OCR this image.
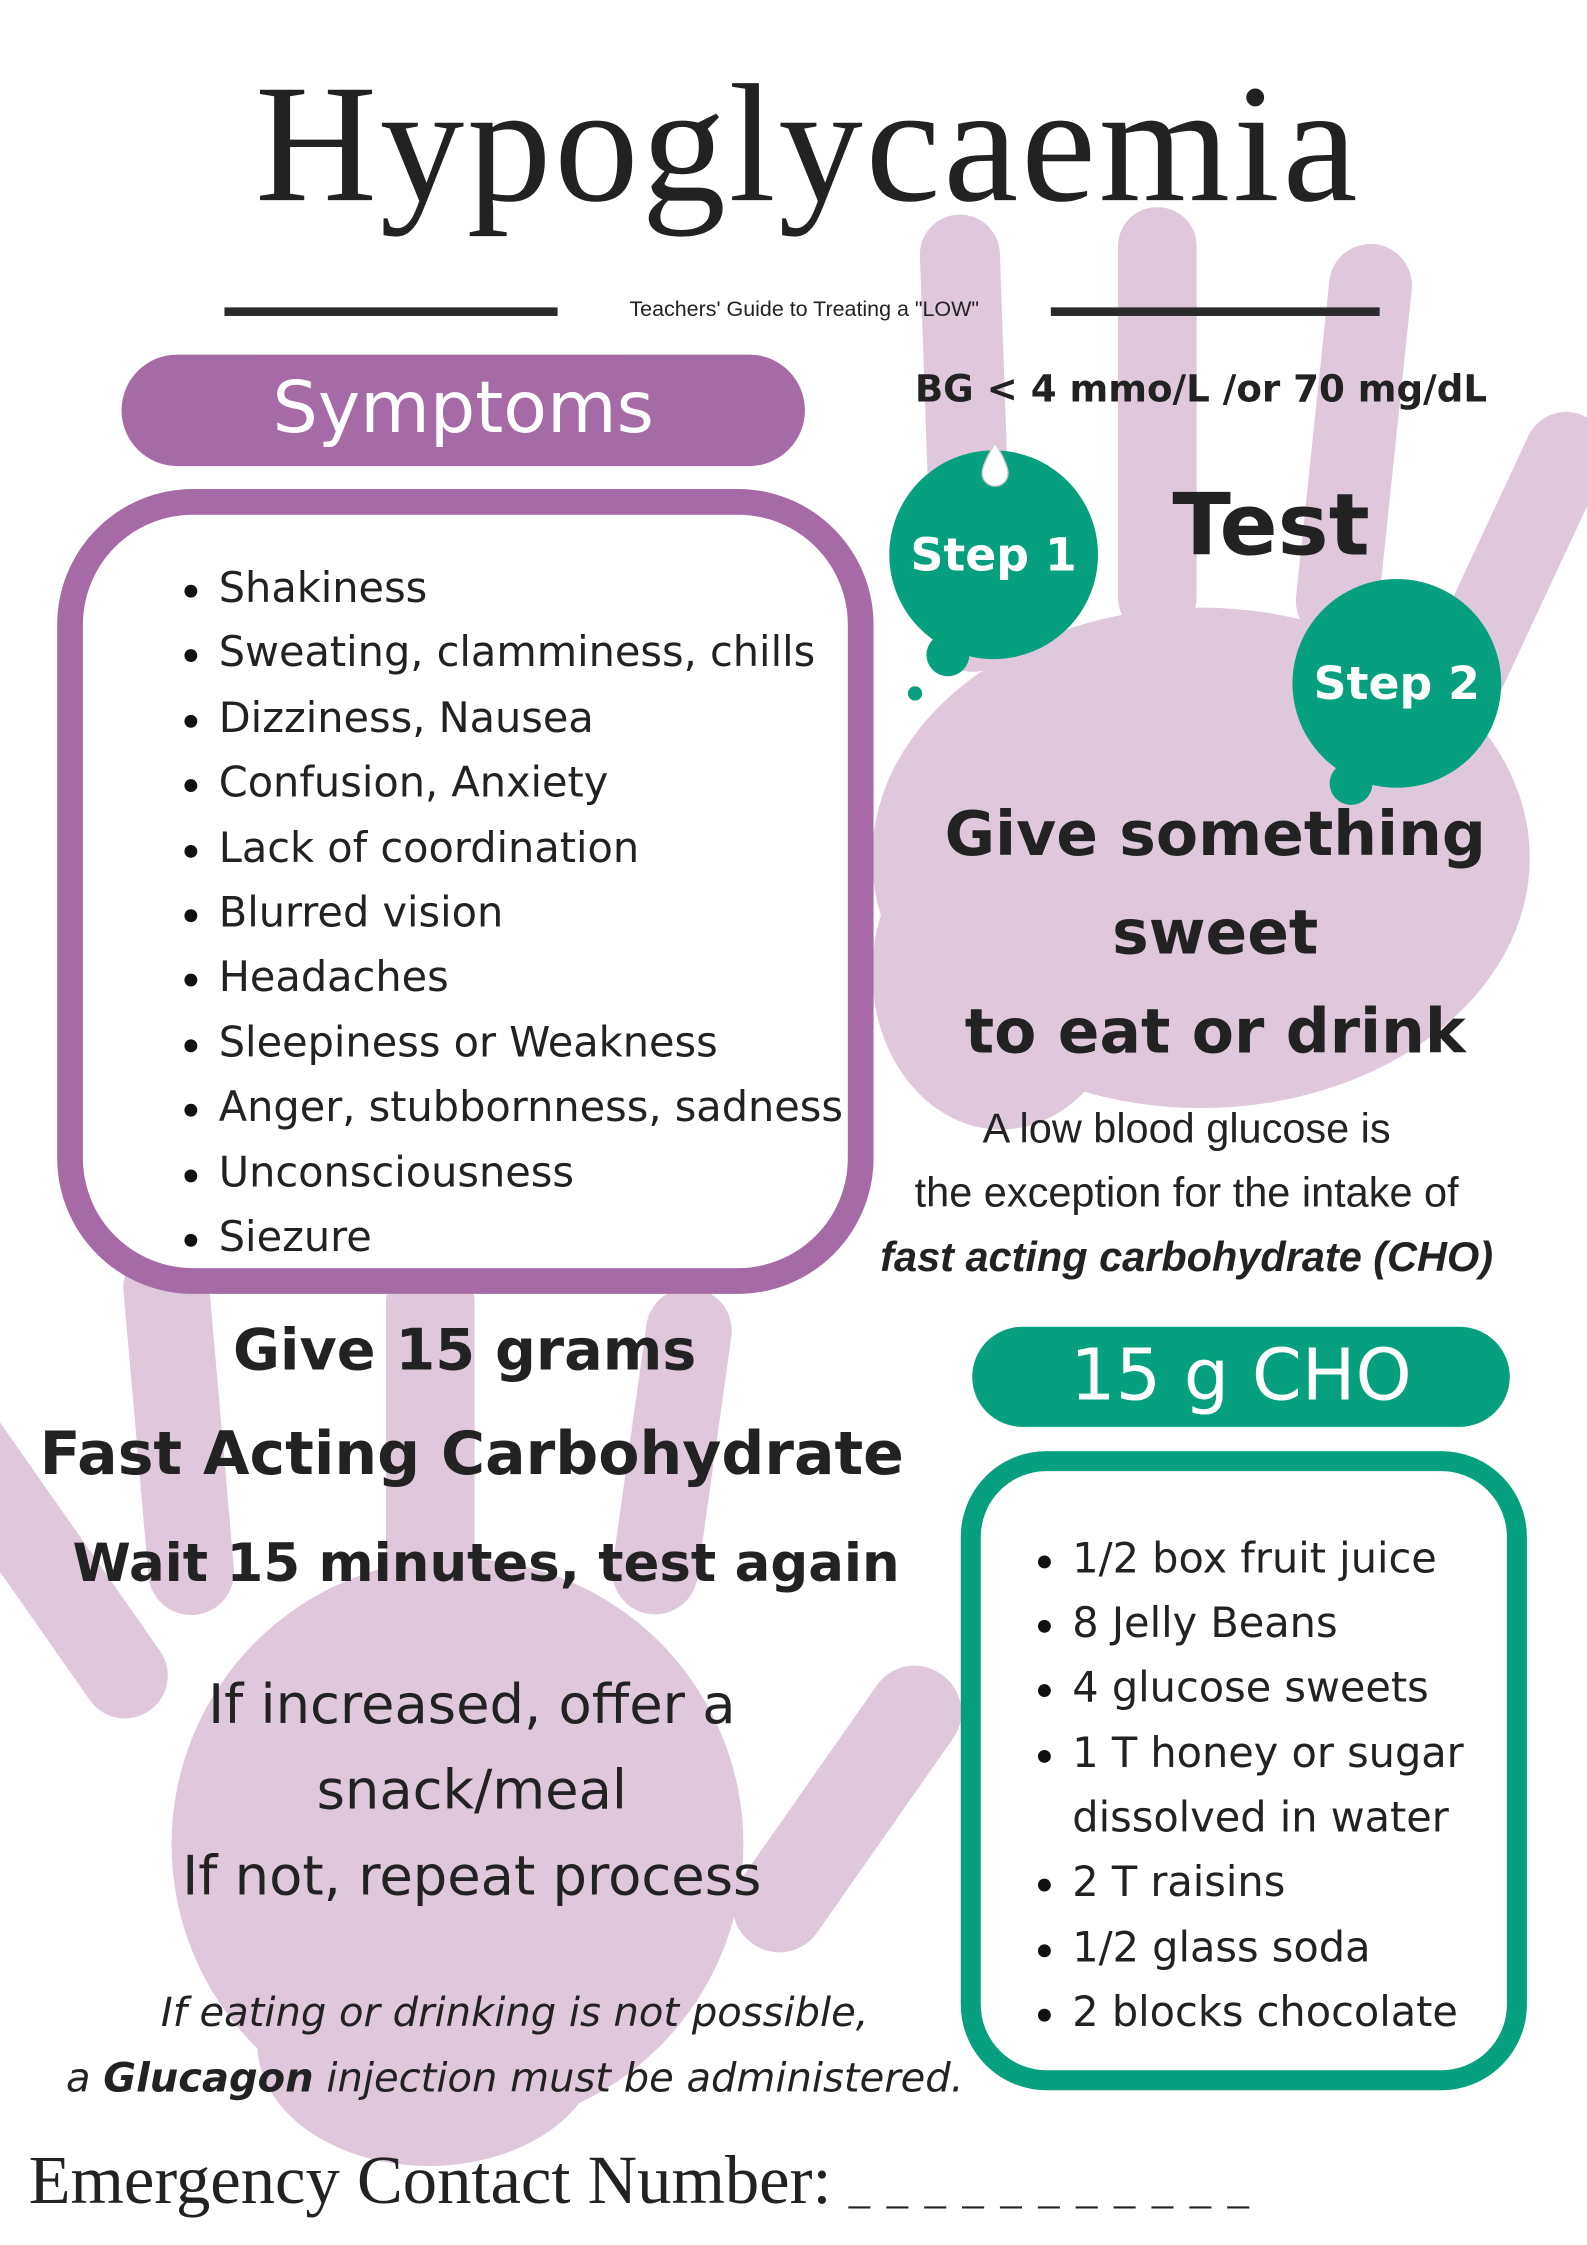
Hypoglycaemia
Teachers' Guide to Treating a "LOW"
Symptoms
Shakiness
Sweating, clamminess, chills
Dizziness, Nausea
Confusion, Anxiety
Lack of coordination
Blurred vision
Headaches
Sleepiness or Weakness
Anger, stubbornness, sadness
Unconsciousness
Siezure
BG < 4 mmo/L /or 70 mg/dL
Step 1	Test
Step 2
Give something
sweet
to eat or drink
A low blood glucose is
the exception for the intake of
fast acting carbohydrate (CHO)
Give 15 grams
Fast Acting Carbohydrate
Wait 15 minutes, test again
If increased, offer a
snack/meal
If not, repeat process
If eating or drinking is not possible,
a Glucagon injection must be administered.
15 g CHO
1/2 box fruit juice
8 Jelly Beans
4 glucose sweets
1 T honey or sugar
dissolved in water
2 T raisins
1/2 glass soda
2 blocks chocolate
Emergency Contact Number: _ _ _ _ _ _ _ _ _ _ _
